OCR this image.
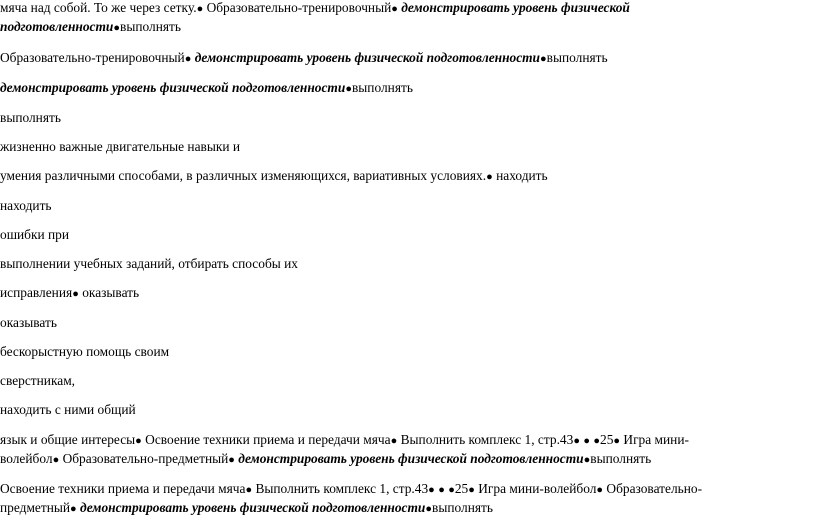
мяча над собой. То же через сетку.● Образовательно-тренировочный● демонстрировать уровень физической
подготовленности●выполнять
Образовательно-тренировочный● демонстрировать уровень физической подготовленности●выполнять
демонстрировать уровень физической подготовленности●выполнять
выполнять
жизненно важные двигательные навыки и
умения различными способами, в различных изменяющихся, вариативных условиях.● находить
находить
ошибки при
выполнении учебных заданий, отбирать способы их
исправления● оказывать
оказывать
бескорыстную помощь своим
сверстникам,
находить с ними общий
язык и общие интересы● Освоение техники приема и передачи мяча● Выполнить комплекс 1, стр.43● ● ●25● Игра мини-
волейбол● Образовательно-предметный● демонстрировать уровень физической подготовленности●выполнять
Освоение техники приема и передачи мяча● Выполнить комплекс 1, стр.43● ● ●25● Игра мини-волейбол● Образовательно-
предметный● демонстрировать уровень физической подготовленности●выполнять
